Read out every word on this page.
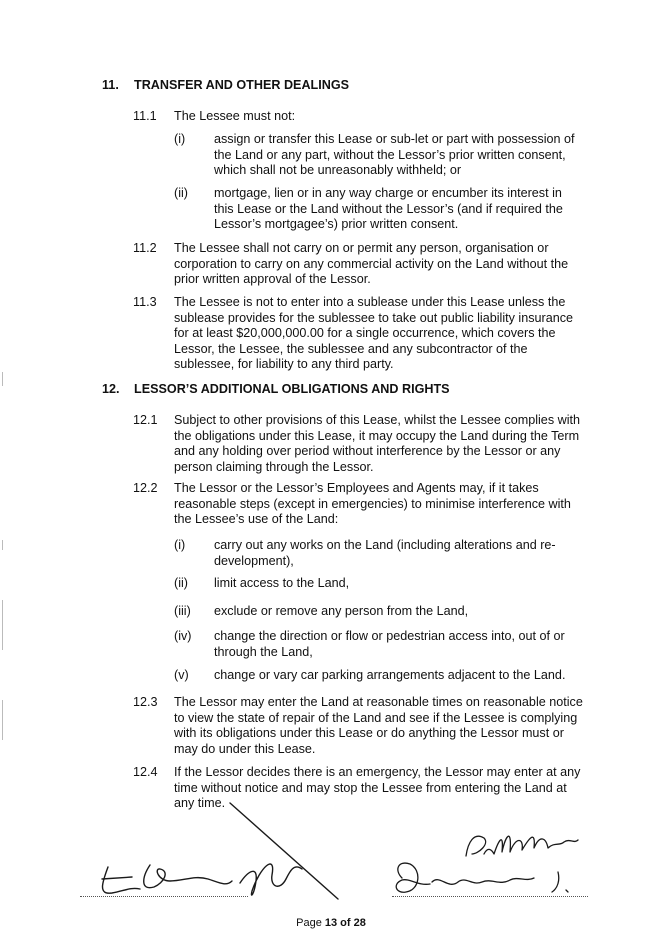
11. TRANSFER AND OTHER DEALINGS
11.1	The Lessee must not:
(i) assign or transfer this Lease or sub-let or part with possession of the Land or any part, without the Lessor’s prior written consent, which shall not be unreasonably withheld; or
(ii) mortgage, lien or in any way charge or encumber its interest in this Lease or the Land without the Lessor’s (and if required the Lessor’s mortgagee’s) prior written consent.
11.2	The Lessee shall not carry on or permit any person, organisation or corporation to carry on any commercial activity on the Land without the prior written approval of the Lessor.
11.3	The Lessee is not to enter into a sublease under this Lease unless the sublease provides for the sublessee to take out public liability insurance for at least $20,000,000.00 for a single occurrence, which covers the Lessor, the Lessee, the sublessee and any subcontractor of the sublessee, for liability to any third party.
12. LESSOR’S ADDITIONAL OBLIGATIONS AND RIGHTS
12.1	Subject to other provisions of this Lease, whilst the Lessee complies with the obligations under this Lease, it may occupy the Land during the Term and any holding over period without interference by the Lessor or any person claiming through the Lessor.
12.2	The Lessor or the Lessor’s Employees and Agents may, if it takes reasonable steps (except in emergencies) to minimise interference with the Lessee’s use of the Land:
(i) carry out any works on the Land (including alterations and re-development),
(ii) limit access to the Land,
(iii) exclude or remove any person from the Land,
(iv) change the direction or flow or pedestrian access into, out of or through the Land,
(v) change or vary car parking arrangements adjacent to the Land.
12.3	The Lessor may enter the Land at reasonable times on reasonable notice to view the state of repair of the Land and see if the Lessee is complying with its obligations under this Lease or do anything the Lessor must or may do under this Lease.
12.4	If the Lessor decides there is an emergency, the Lessor may enter at any time without notice and may stop the Lessee from entering the Land at any time.
Page 13 of 28
